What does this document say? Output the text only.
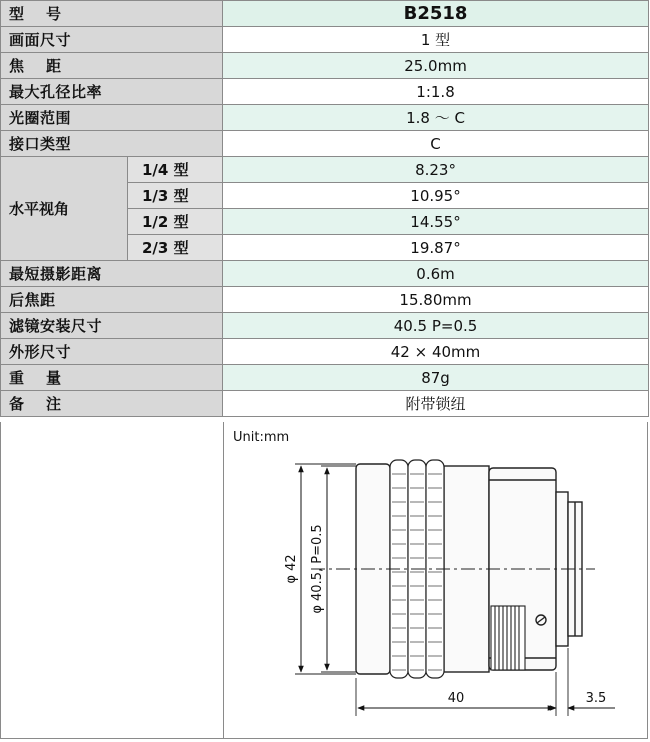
型号		B2518
画面尺寸		1 型
焦距		25.0mm
最大孔径比率		1:1.8
光圈范围		1.8 ～ C
接口类型		C
水平视角	1/4 型	8.23°
	1/3 型	10.95°
	1/2 型	14.55°
	2/3 型	19.87°
最短摄影距离		0.6m
后焦距		15.80mm
滤镜安装尺寸		40.5 P=0.5
外形尺寸		42 × 40mm
重量		87g
备注		附带锁纽
Unit:mm
φ 42 φ 40.5, P=0.5
40	3.5
